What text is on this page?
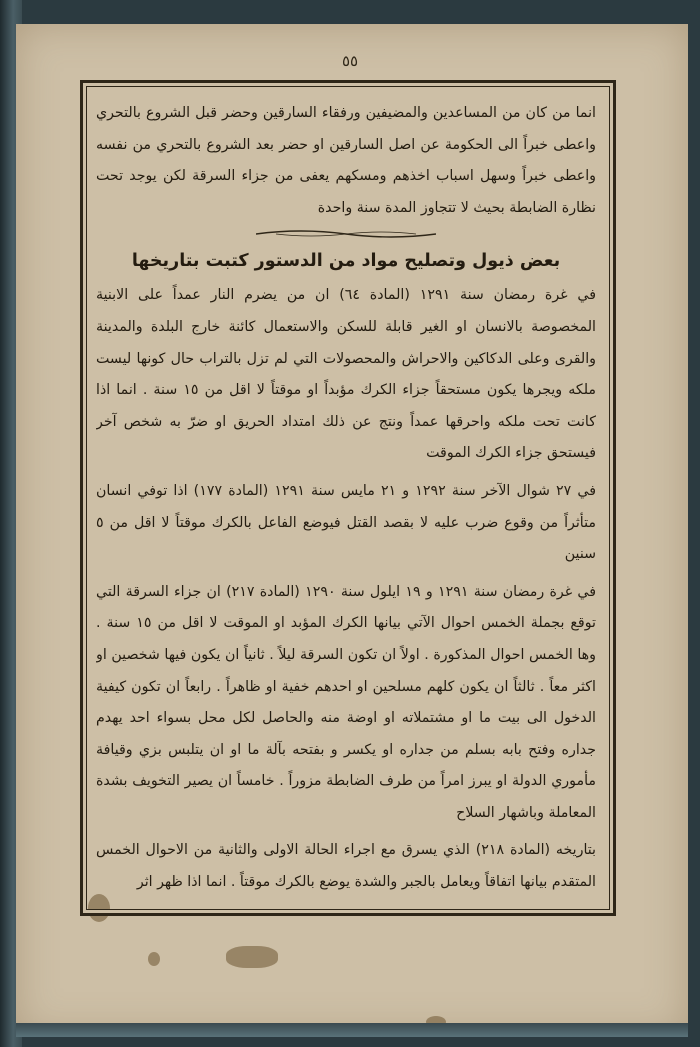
٥٥

انما من كان من المساعدين والمضيفين ورفقاء السارقين وحضر قبل الشروع بالتحري واعطى خبراً الى الحكومة عن اصل السارقين او حضر بعد الشروع بالتحري من نفسه واعطى خبراً وسهل اسباب اخذهم ومسكهم يعفى من جزاء السرقة لكن يوجد تحت نظارة الضابطة بحيث لا تتجاوز المدة سنة واحدة

بعض ذيول وتصليح مواد من الدستور كتبت بتاريخها

في غرة رمضان سنة ١٢٩١ (المادة ٦٤) ان من يضرم النار عمداً على الابنية المخصوصة بالانسان او الغير قابلة للسكن والاستعمال كائنة خارج البلدة والمدينة والقرى وعلى الدكاكين والاحراش والمحصولات التي لم تزل بالتراب حال كونها ليست ملكه ويجرها يكون مستحقاً جزاء الكرك مؤبداً او موقتاً لا اقل من ١٥ سنة . انما اذا كانت تحت ملكه واحرقها عمداً ونتج عن ذلك امتداد الحريق او ضرّ به شخص آخر فيستحق جزاء الكرك الموقت

في ٢٧ شوال الآخر سنة ١٢٩٢ و ٢١ مايس سنة ١٢٩١ (المادة ١٧٧) اذا توفي انسان متأثراً من وقوع ضرب عليه لا بقصد القتل فيوضع الفاعل بالكرك موقتاً لا اقل من ٥ سنين

في غرة رمضان سنة ١٢٩١ و ١٩ ايلول سنة ١٢٩٠ (المادة ٢١٧) ان جزاء السرقة التي توقع بجملة الخمس احوال الآتي بيانها الكرك المؤبد او الموقت لا اقل من ١٥ سنة . وها الخمس احوال المذكورة . اولاً ان تكون السرقة ليلاً . ثانياً ان يكون فيها شخصين او اكثر معاً . ثالثاً ان يكون كلهم مسلحين او احدهم خفية او ظاهراً . رابعاً ان تكون كيفية الدخول الى بيت ما او مشتملاته او اوضة منه والحاصل لكل محل بسواء احد يهدم جداره وفتح بابه بسلم من جداره او يكسر و بفتحه بآلة ما او ان يتلبس بزي وقيافة مأموري الدولة او يبرز امراً من طرف الضابطة مزوراً . خامساً ان يصير التخويف بشدة المعاملة وباشهار السلاح

بتاريخه (المادة ٢١٨) الذي يسرق مع اجراء الحالة الاولى والثانية من الاحوال الخمس المتقدم بيانها اتفاقاً ويعامل بالجبر والشدة يوضع بالكرك موقتاً . انما اذا ظهر اثر
